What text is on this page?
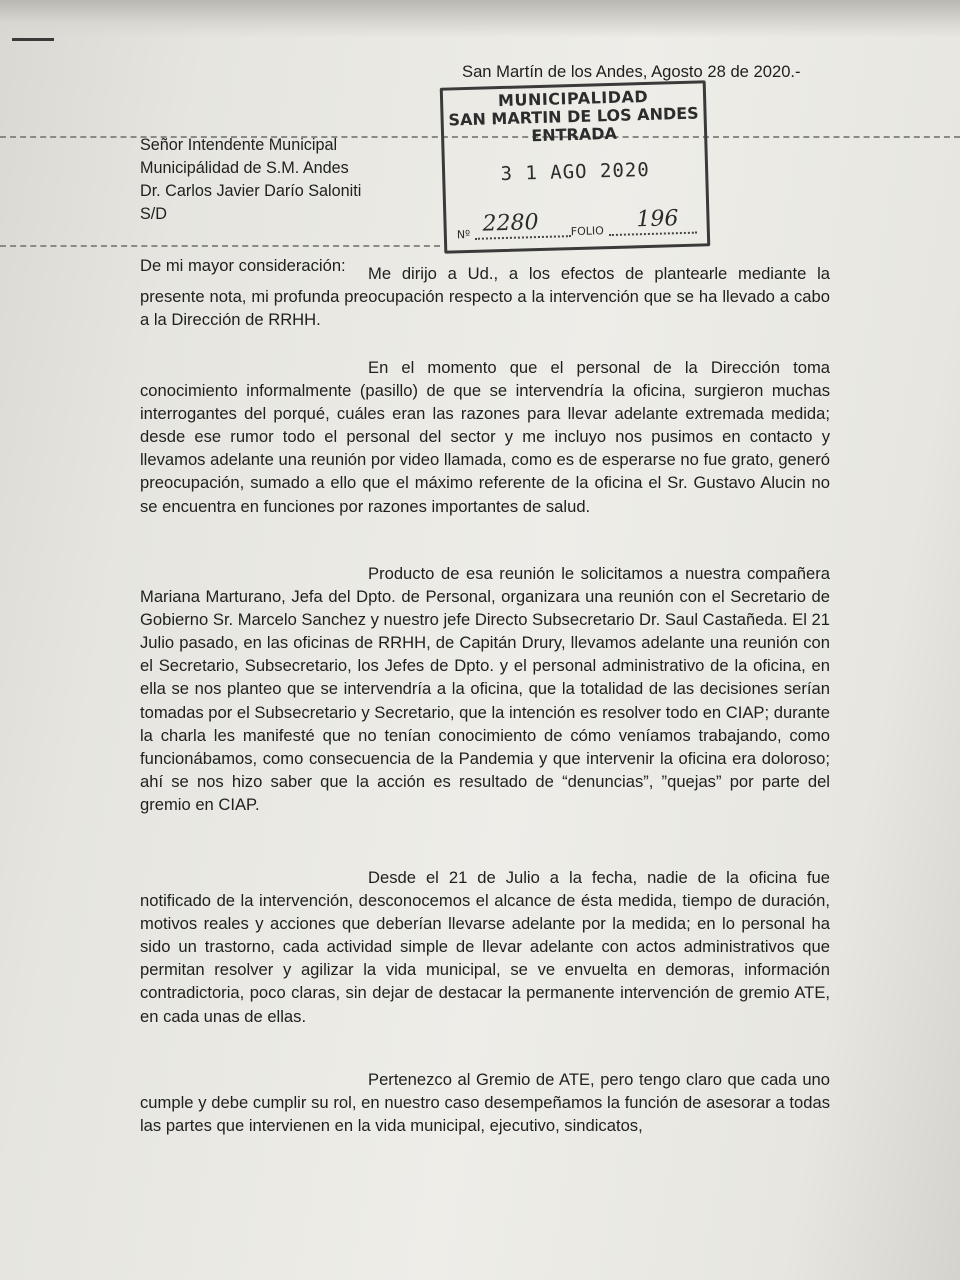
San Martín de los Andes, Agosto 28 de 2020.-
Señor Intendente Municipal
Municipálidad de S.M. Andes
Dr. Carlos Javier Darío Saloniti
S/D
MUNICIPALIDAD
SAN MARTIN DE LOS ANDES
ENTRADA
3 1 AGO 2020
Nº 2280	FOLIO 196
De mi mayor consideración:	Me dirijo a Ud., a los efectos de plantearle mediante la presente nota, mi profunda preocupación respecto a la intervención que se ha llevado a cabo a la Dirección de RRHH.

En el momento que el personal de la Dirección toma conocimiento informalmente (pasillo) de que se intervendría la oficina, surgieron muchas interrogantes del porqué, cuáles eran las razones para llevar adelante extremada medida; desde ese rumor todo el personal del sector y me incluyo nos pusimos en contacto y llevamos adelante una reunión por video llamada, como es de esperarse no fue grato, generó preocupación, sumado a ello que el máximo referente de la oficina el Sr. Gustavo Alucin no se encuentra en funciones por razones importantes de salud.

Producto de esa reunión le solicitamos a nuestra compañera Mariana Marturano, Jefa del Dpto. de Personal, organizara una reunión con el Secretario de Gobierno Sr. Marcelo Sanchez y nuestro jefe Directo Subsecretario Dr. Saul Castañeda. El 21 Julio pasado, en las oficinas de RRHH, de Capitán Drury, llevamos adelante una reunión con el Secretario, Subsecretario, los Jefes de Dpto. y el personal administrativo de la oficina, en ella se nos planteo que se intervendría a la oficina, que la totalidad de las decisiones serían tomadas por el Subsecretario y Secretario, que la intención es resolver todo en CIAP; durante la charla les manifesté que no tenían conocimiento de cómo veníamos trabajando, como funcionábamos, como consecuencia de la Pandemia y que intervenir la oficina era doloroso; ahí se nos hizo saber que la acción es resultado de “denuncias”, ”quejas” por parte del gremio en CIAP.

Desde el 21 de Julio a la fecha, nadie de la oficina fue notificado de la intervención, desconocemos el alcance de ésta medida, tiempo de duración, motivos reales y acciones que deberían llevarse adelante por la medida; en lo personal ha sido un trastorno, cada actividad simple de llevar adelante con actos administrativos que permitan resolver y agilizar la vida municipal, se ve envuelta en demoras, información contradictoria, poco claras, sin dejar de destacar la permanente intervención de gremio ATE, en cada unas de ellas.

Pertenezco al Gremio de ATE, pero tengo claro que cada uno cumple y debe cumplir su rol, en nuestro caso desempeñamos la función de asesorar a todas las partes que intervienen en la vida municipal, ejecutivo, sindicatos,
